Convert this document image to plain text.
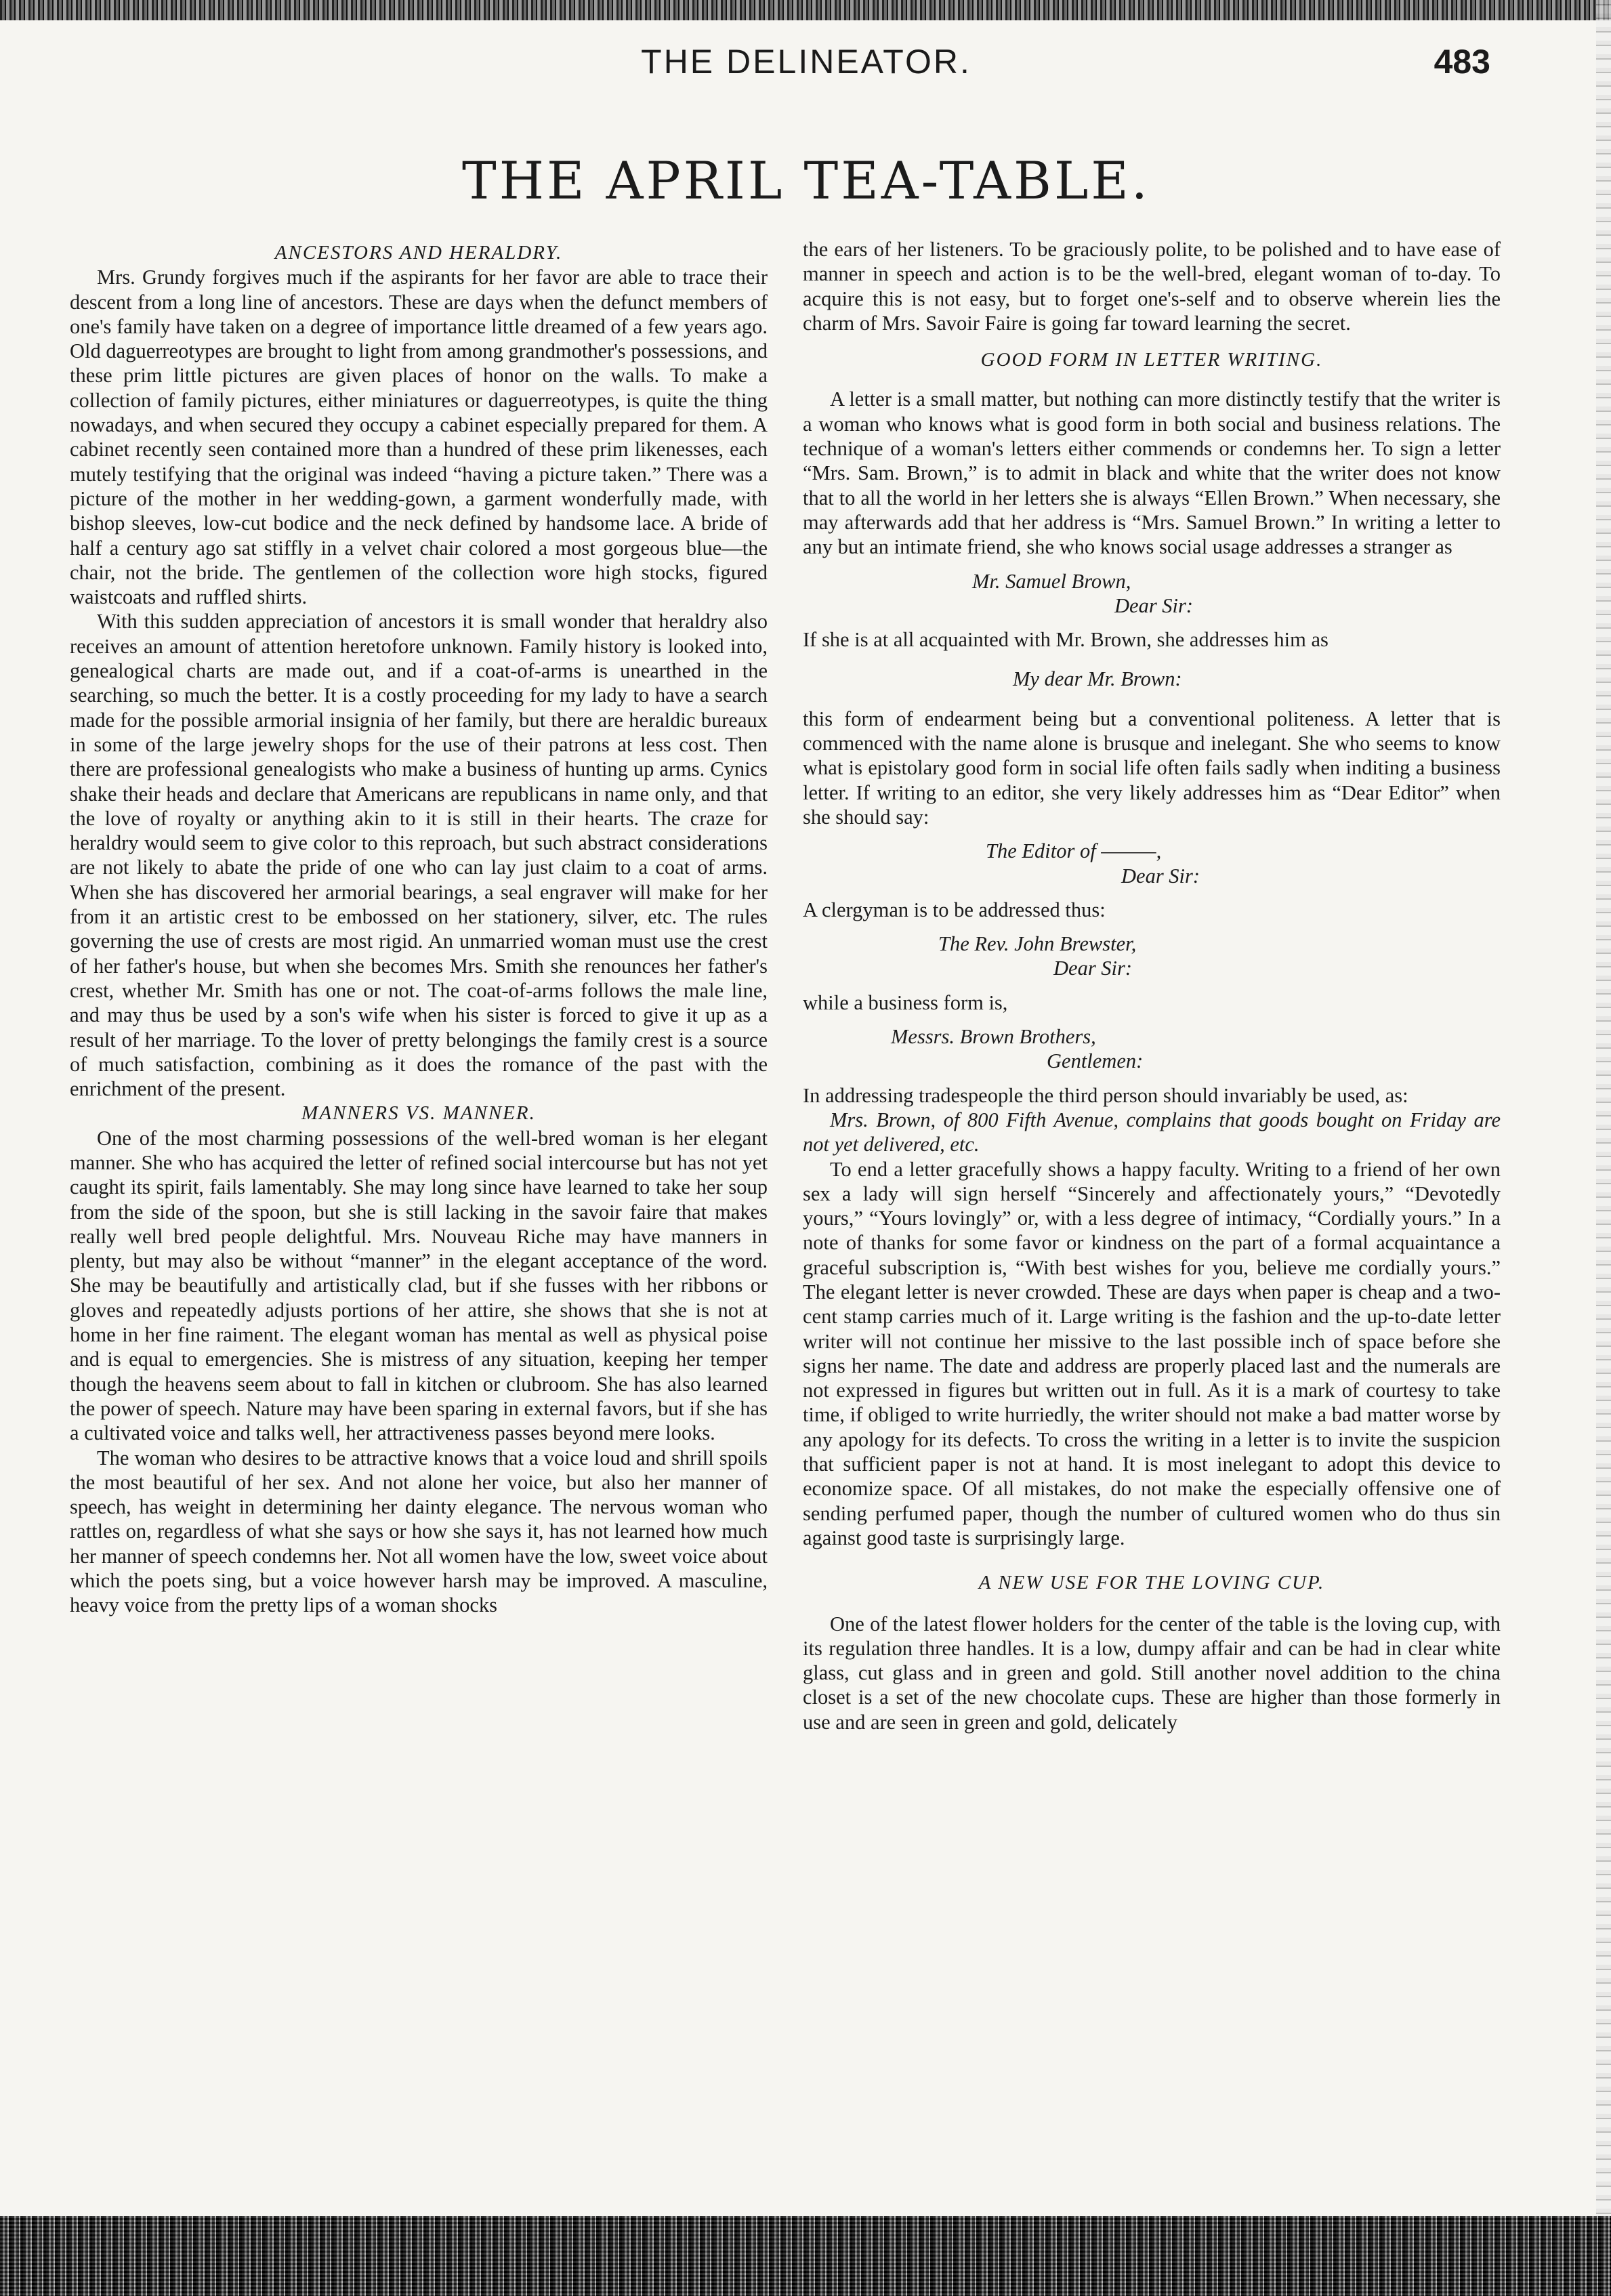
THE DELINEATOR.	483
THE APRIL TEA-TABLE.

ANCESTORS AND HERALDRY.

Mrs. Grundy forgives much if the aspirants for her favor are able to trace their descent from a long line of ancestors. These are days when the defunct members of one's family have taken on a degree of importance little dreamed of a few years ago. Old daguerreotypes are brought to light from among grandmother's possessions, and these prim little pictures are given places of honor on the walls. To make a collection of family pictures, either miniatures or daguerreotypes, is quite the thing nowadays, and when secured they occupy a cabinet especially prepared for them. A cabinet recently seen contained more than a hundred of these prim likenesses, each mutely testifying that the original was indeed “having a picture taken.” There was a picture of the mother in her wedding-gown, a garment wonderfully made, with bishop sleeves, low-cut bodice and the neck defined by handsome lace. A bride of half a century ago sat stiffly in a velvet chair colored a most gorgeous blue—the chair, not the bride. The gentlemen of the collection wore high stocks, figured waistcoats and ruffled shirts.

With this sudden appreciation of ancestors it is small wonder that heraldry also receives an amount of attention heretofore unknown. Family history is looked into, genealogical charts are made out, and if a coat-of-arms is unearthed in the searching, so much the better. It is a costly proceeding for my lady to have a search made for the possible armorial insignia of her family, but there are heraldic bureaux in some of the large jewelry shops for the use of their patrons at less cost. Then there are professional genealogists who make a business of hunting up arms. Cynics shake their heads and declare that Americans are republicans in name only, and that the love of royalty or anything akin to it is still in their hearts. The craze for heraldry would seem to give color to this reproach, but such abstract considerations are not likely to abate the pride of one who can lay just claim to a coat of arms. When she has discovered her armorial bearings, a seal engraver will make for her from it an artistic crest to be embossed on her stationery, silver, etc. The rules governing the use of crests are most rigid. An unmarried woman must use the crest of her father's house, but when she becomes Mrs. Smith she renounces her father's crest, whether Mr. Smith has one or not. The coat-of-arms follows the male line, and may thus be used by a son's wife when his sister is forced to give it up as a result of her marriage. To the lover of pretty belongings the family crest is a source of much satisfaction, combining as it does the romance of the past with the enrichment of the present.

MANNERS VS. MANNER.

One of the most charming possessions of the well-bred woman is her elegant manner. She who has acquired the letter of refined social intercourse but has not yet caught its spirit, fails lamentably. She may long since have learned to take her soup from the side of the spoon, but she is still lacking in the savoir faire that makes really well bred people delightful. Mrs. Nouveau Riche may have manners in plenty, but may also be without “manner” in the elegant acceptance of the word. She may be beautifully and artistically clad, but if she fusses with her ribbons or gloves and repeatedly adjusts portions of her attire, she shows that she is not at home in her fine raiment. The elegant woman has mental as well as physical poise and is equal to emergencies. She is mistress of any situation, keeping her temper though the heavens seem about to fall in kitchen or clubroom. She has also learned the power of speech. Nature may have been sparing in external favors, but if she has a cultivated voice and talks well, her attractiveness passes beyond mere looks.

The woman who desires to be attractive knows that a voice loud and shrill spoils the most beautiful of her sex. And not alone her voice, but also her manner of speech, has weight in determining her dainty elegance. The nervous woman who rattles on, regardless of what she says or how she says it, has not learned how much her manner of speech condemns her. Not all women have the low, sweet voice about which the poets sing, but a voice however harsh may be improved. A masculine, heavy voice from the pretty lips of a woman shocks

the ears of her listeners. To be graciously polite, to be polished and to have ease of manner in speech and action is to be the well-bred, elegant woman of to-day. To acquire this is not easy, but to forget one's-self and to observe wherein lies the charm of Mrs. Savoir Faire is going far toward learning the secret.

GOOD FORM IN LETTER WRITING.

A letter is a small matter, but nothing can more distinctly testify that the writer is a woman who knows what is good form in both social and business relations. The technique of a woman's letters either commends or condemns her. To sign a letter “Mrs. Sam. Brown,” is to admit in black and white that the writer does not know that to all the world in her letters she is always “Ellen Brown.” When necessary, she may afterwards add that her address is “Mrs. Samuel Brown.” In writing a letter to any but an intimate friend, she who knows social usage addresses a stranger as

Mr. Samuel Brown,
Dear Sir:

If she is at all acquainted with Mr. Brown, she addresses him as

My dear Mr. Brown:

this form of endearment being but a conventional politeness. A letter that is commenced with the name alone is brusque and inelegant. She who seems to know what is epistolary good form in social life often fails sadly when inditing a business letter. If writing to an editor, she very likely addresses him as “Dear Editor” when she should say:

The Editor of ———,
Dear Sir:

A clergyman is to be addressed thus:

The Rev. John Brewster,
Dear Sir:

while a business form is,

Messrs. Brown Brothers,
Gentlemen:

In addressing tradespeople the third person should invariably be used, as:

Mrs. Brown, of 800 Fifth Avenue, complains that goods bought on Friday are not yet delivered, etc.

To end a letter gracefully shows a happy faculty. Writing to a friend of her own sex a lady will sign herself “Sincerely and affectionately yours,” “Devotedly yours,” “Yours lovingly” or, with a less degree of intimacy, “Cordially yours.” In a note of thanks for some favor or kindness on the part of a formal acquaintance a graceful subscription is, “With best wishes for you, believe me cordially yours.” The elegant letter is never crowded. These are days when paper is cheap and a two-cent stamp carries much of it. Large writing is the fashion and the up-to-date letter writer will not continue her missive to the last possible inch of space before she signs her name. The date and address are properly placed last and the numerals are not expressed in figures but written out in full. As it is a mark of courtesy to take time, if obliged to write hurriedly, the writer should not make a bad matter worse by any apology for its defects. To cross the writing in a letter is to invite the suspicion that sufficient paper is not at hand. It is most inelegant to adopt this device to economize space. Of all mistakes, do not make the especially offensive one of sending perfumed paper, though the number of cultured women who do thus sin against good taste is surprisingly large.

A NEW USE FOR THE LOVING CUP.

One of the latest flower holders for the center of the table is the loving cup, with its regulation three handles. It is a low, dumpy affair and can be had in clear white glass, cut glass and in green and gold. Still another novel addition to the china closet is a set of the new chocolate cups. These are higher than those formerly in use and are seen in green and gold, delicately
